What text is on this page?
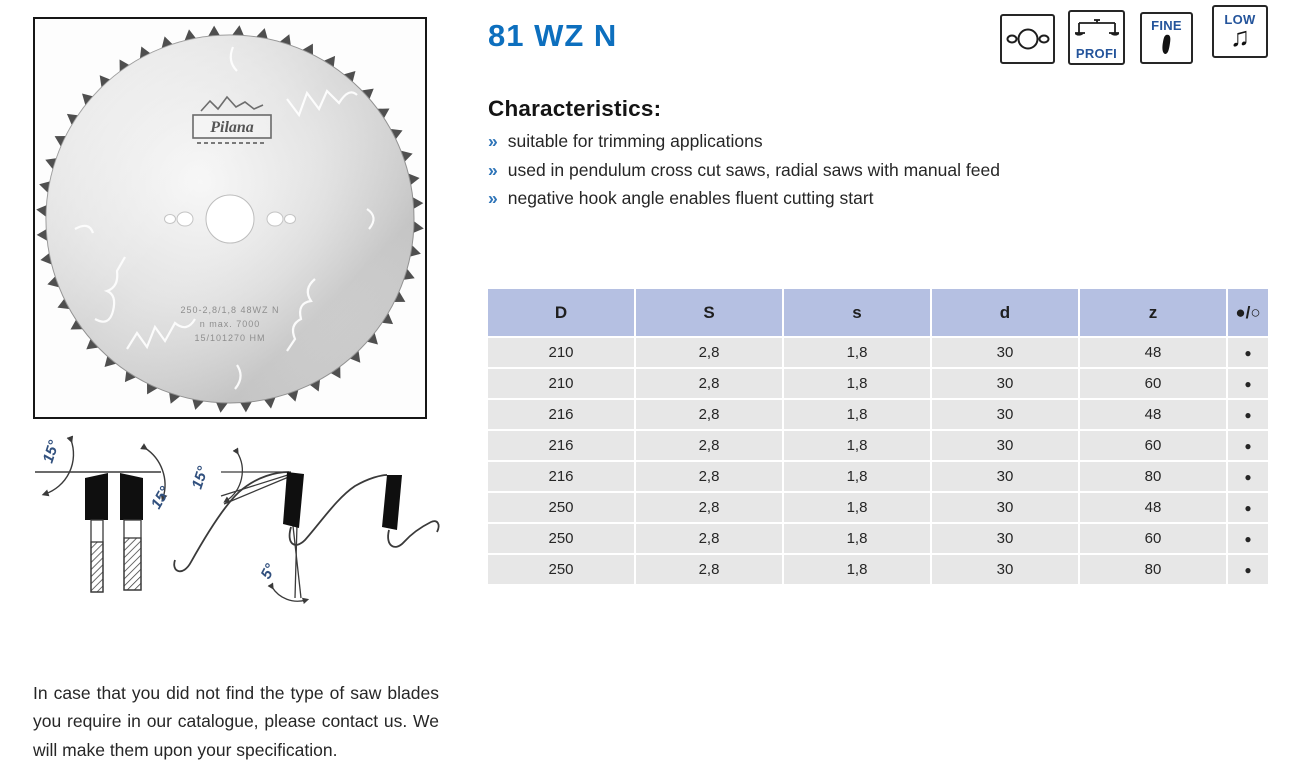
Pilana
250-2,8/1,8 48WZ N
n max. 7000
15/101270 HM
15°
15°
15°
5°

In case that you did not find the type of saw blades you require in our catalogue, please contact us. We will make them upon your specification.

81 WZ N	PROFI
FINE	LOW
♫
Characteristics:
» suitable for trimming applications
» used in pendulum cross cut saws, radial saws with manual feed
» negative hook angle enables fluent cutting start
D	S	s	d	z	●/○
210	2,8	1,8	30	48	●
210	2,8	1,8	30	60	●
216	2,8	1,8	30	48	●
216	2,8	1,8	30	60	●
216	2,8	1,8	30	80	●
250	2,8	1,8	30	48	●
250	2,8	1,8	30	60	●
250	2,8	1,8	30	80	●
